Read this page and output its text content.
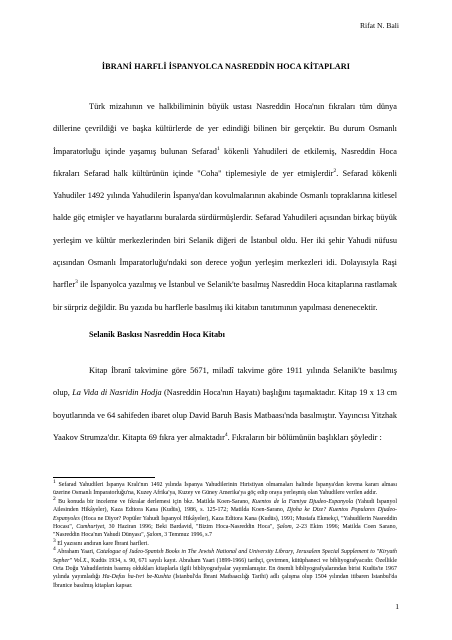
Rifat N. Bali
İBRANİ HARFLİ İSPANYOLCA NASREDDİN HOCA KİTAPLARI
Türk mizahının ve halkbiliminin büyük ustası Nasreddin Hoca'nın fıkraları tüm dünya dillerine çevrildiği ve başka kültürlerde de yer edindiği bilinen bir gerçektir. Bu durum Osmanlı İmparatorluğu içinde yaşamış bulunan Sefarad$^1$ kökenli Yahudileri de etkilemiş, Nasreddin Hoca fıkraları Sefarad halk kültürünün içinde "Coha" tiplemesiyle de yer etmişlerdir$^2$. Sefarad kökenli Yahudiler 1492 yılında Yahudilerin İspanya'dan kovulmalarının akabinde Osmanlı topraklarına kitlesel halde göç etmişler ve hayatlarını buralarda sürdürmüşlerdir. Sefarad Yahudileri açısından birkaç büyük yerleşim ve kültür merkezlerinden biri Selanik diğeri de İstanbul oldu. Her iki şehir Yahudi nüfusu açısından Osmanlı İmparatorluğu'ndaki son derece yoğun yerleşim merkezleri idi. Dolayısıyla Raşi harfler$^3$ ile İspanyolca yazılmış ve İstanbul ve Selanik'te basılmış Nasreddin Hoca kitaplarına rastlamak bir sürpriz değildir. Bu yazıda bu harflerle basılmış iki kitabın tanıtımının yapılması denenecektir.
Selanik Baskısı Nasreddin Hoca Kitabı
Kitap İbranî takvimine göre 5671, miladî takvime göre 1911 yılında Selanik'te basılmış olup, La Vida di Nasridin Hodja (Nasreddin Hoca'nın Hayatı) başlığını taşımaktadır. Kitap 19 x 13 cm boyutlarında ve 64 sahifeden ibaret olup David Baruh Basis Matbaası'nda basılmıştır. Yayıncısı Yitzhak Yaakov Strumza'dır. Kitapta 69 fıkra yer almaktadır$^4$. Fıkraların bir bölümünün başlıkları şöyledir :

$^1$ Sefarad Yahudileri İspanya Kralı'nın 1492 yılında İspanya Yahudilerinin Hıristiyan olmamaları halinde İspanya'dan kovma kararı alması üzerine Osmanlı İmparatorluğu'na, Kuzey Afrika'ya, Kuzey ve Güney Amerika'ya göç edip oraya yerleşmiş olan Yahudilere verilen addır.

$^2$ Bu konuda bir inceleme ve fıkralar derlemesi için bkz. Matilda Koen-Sarano, Kuentos de la Famiya Djudeo-Espanyola (Yahudi İspanyol Ailesinden Hikâyeler), Kaza Editora Kana (Kudüs), 1986, s. 125-172; Matilda Koen-Sarano, Djoha ke Dize? Kuentos Populares Djudeo-Espanyoles (Hoca ne Diyor? Popüler Yahudi İspanyol Hikâyeler), Kaza Editora Kana (Kudüs), 1991; Mustafa Ekmekçi, "Yahudilerin Nasreddin Hocası", Cumhuriyet, 30 Haziran 1996; Beki Bardavid, "Bizim Hoca-Nasreddin Hoca", Şalom, 2-23 Ekim 1996; Matilda Coen Sarano, "Nasreddin Hoca'nın Yahudi Dünyası", Şalom, 3 Temmuz 1996, s.7

$^3$ El yazısını andıran kare İbrani harfleri.

$^4$ Abraham Yaari, Catalogue of Judeo-Spanish Books in The Jewish National and University Library, Jerusalem Special Supplement to "Kiryath Sepher" Vol.X., Kudüs 1934, s. 90, 671 sayılı kayıt. Abraham Yaari (1899-1966) tarihçi, çevirmen, kütüphaneci ve bibliyografyacıdır. Özellikle Orta Doğu Yahudilerinin basmış oldukları kitaplarla ilgili bibliyografyalar yayımlamıştır. En önemli bibliyografyalarından birisi Kudüs'te 1967 yılında yayımladığı Ha-Defus ha-Ivri be-Kushta (İstanbul'da İbrani Matbaacılığı Tarihi) adlı çalışma olup 1504 yılından itibaren İstanbul'da İbranice basılmış kitapları kapsar.

1
